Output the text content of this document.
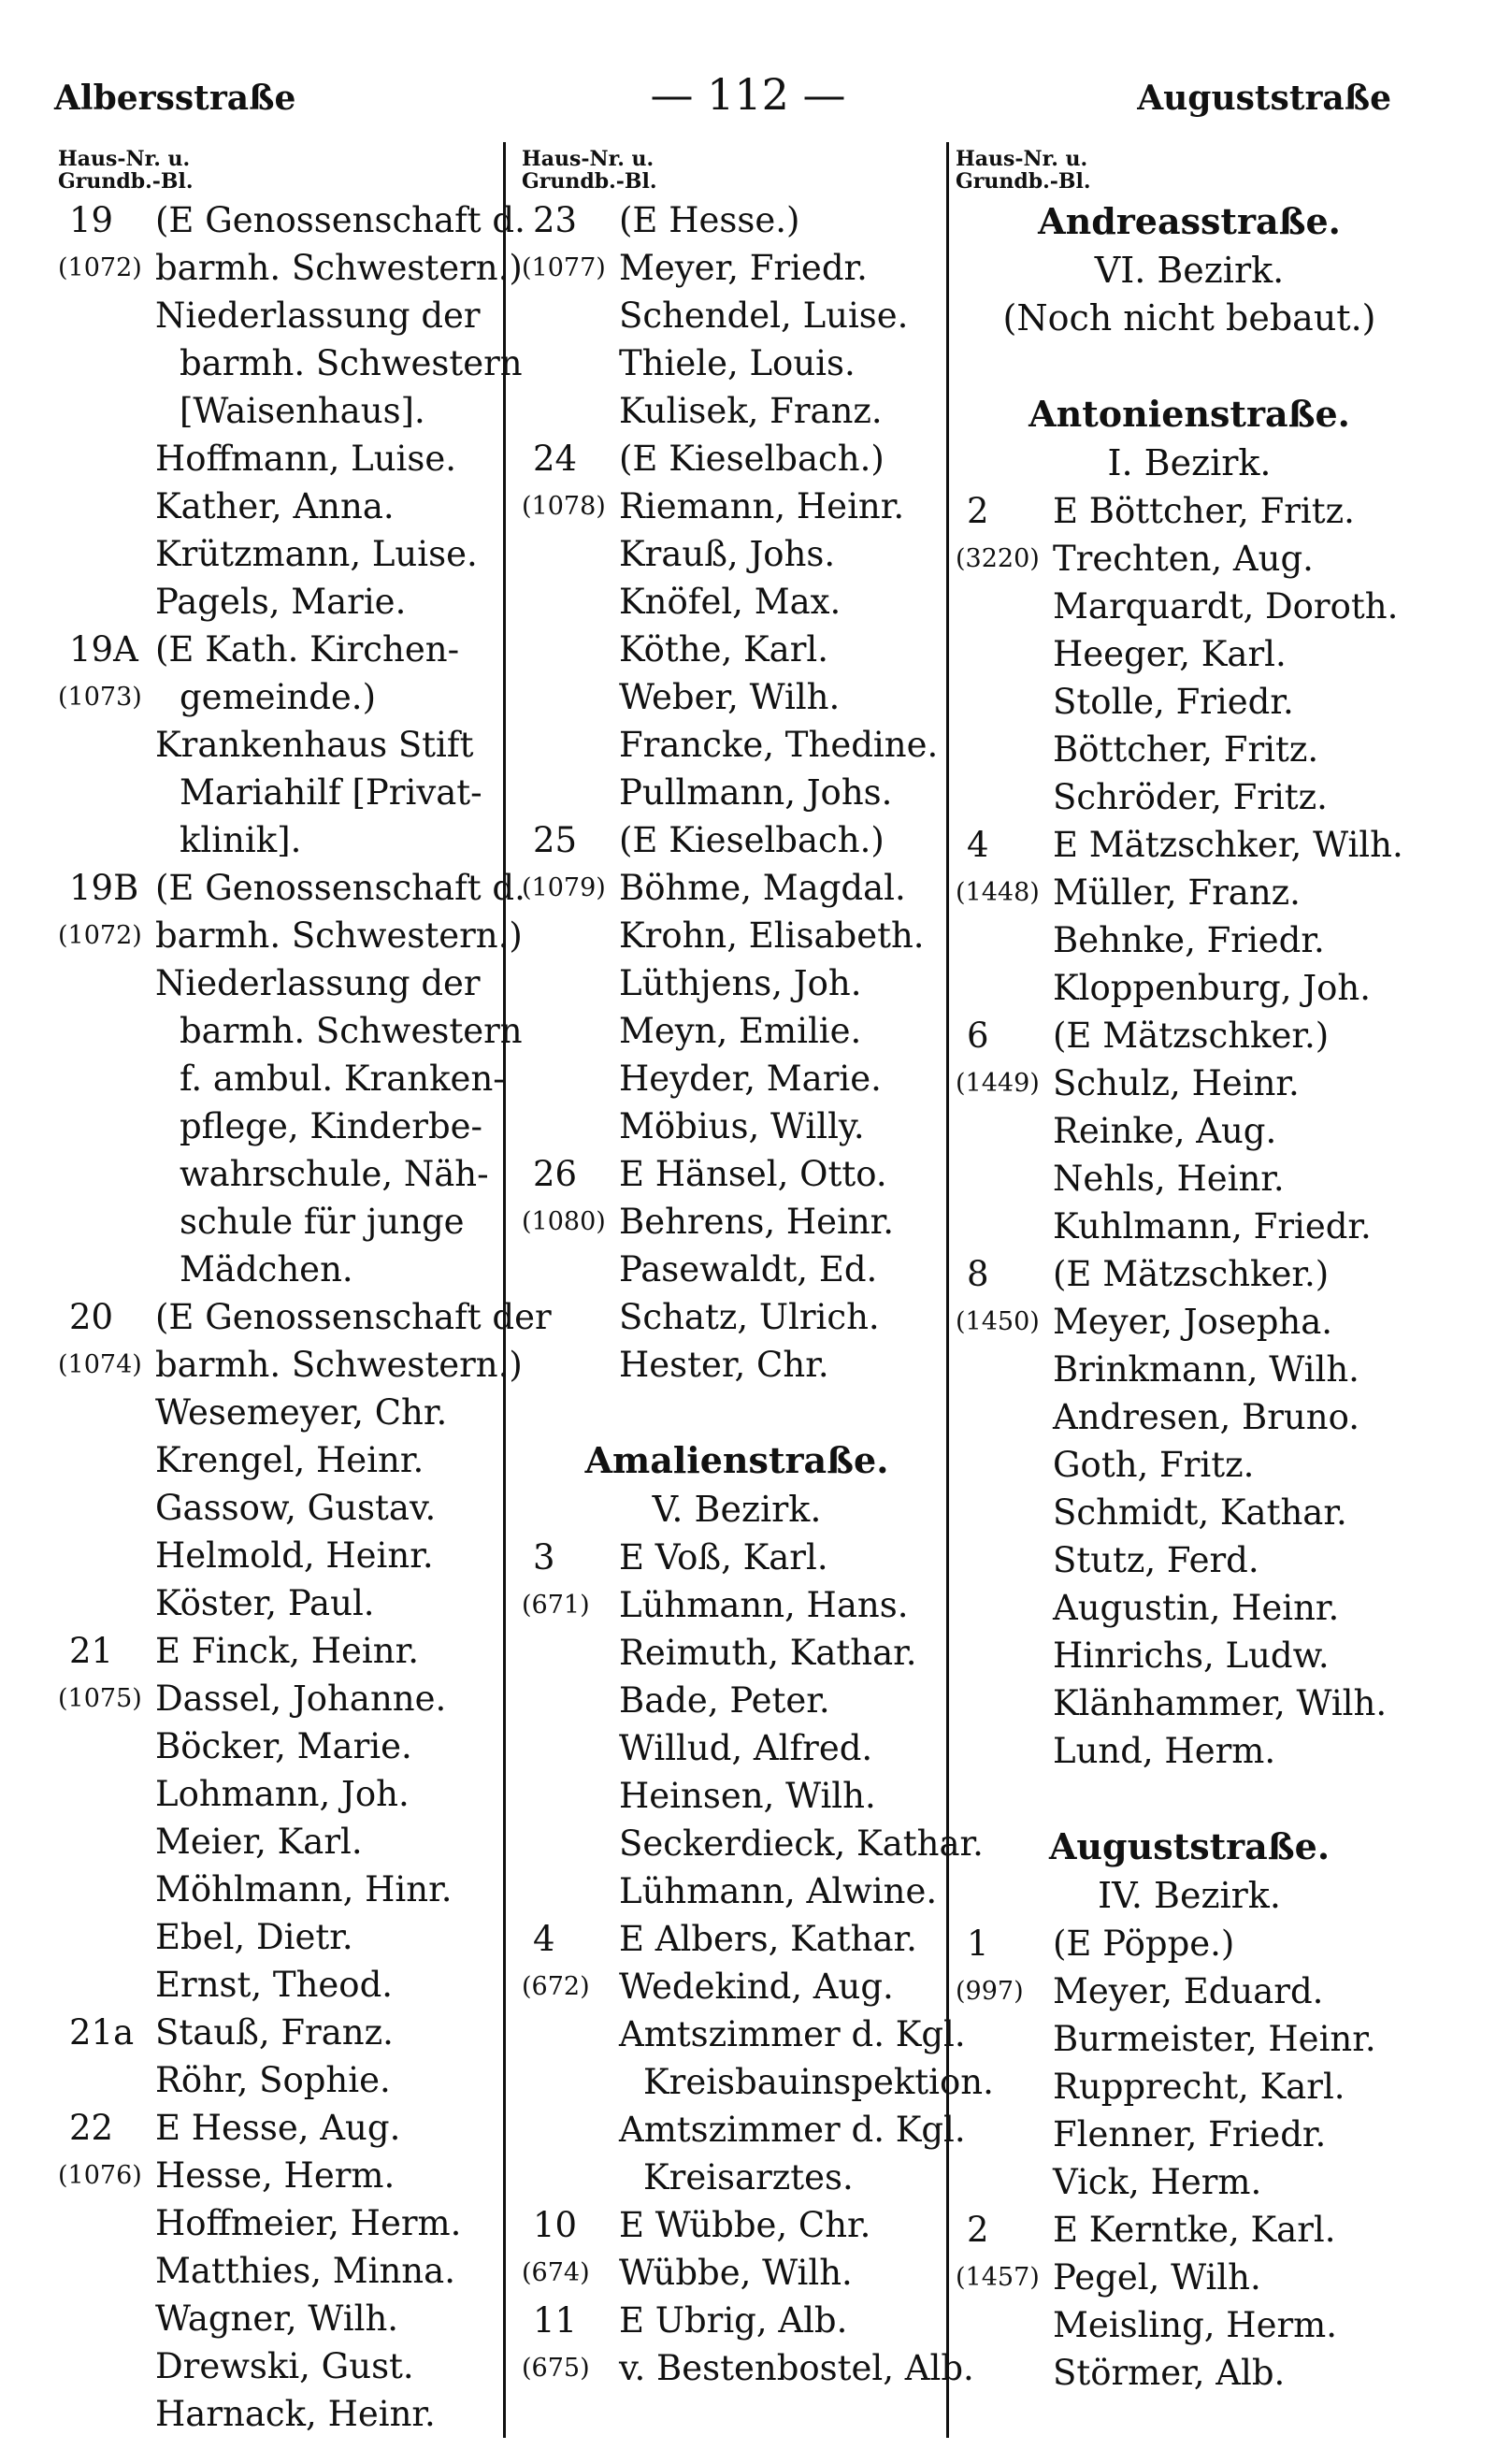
Albersstraße	— 112 —	Auguststraße
Haus-Nr. u.
Grundb.-Bl.
19 (E Genossenschaft d.
(1072) barmh. Schwestern.)
Niederlassung der
barmh. Schwestern
[Waisenhaus].
Hoffmann, Luise.
Kather, Anna.
Krützmann, Luise.
Pagels, Marie.
19A (E Kath. Kirchen-
(1073) gemeinde.)
Krankenhaus Stift
Mariahilf [Privat-
klinik].
19B (E Genossenschaft d.
(1072) barmh. Schwestern.)
Niederlassung der
barmh. Schwestern
f. ambul. Kranken-
pflege, Kinderbe-
wahrschule, Näh-
schule für junge
Mädchen.
20 (E Genossenschaft der
(1074) barmh. Schwestern.)
Wesemeyer, Chr.
Krengel, Heinr.
Gassow, Gustav.
Helmold, Heinr.
Köster, Paul.
21 E Finck, Heinr.
(1075) Dassel, Johanne.
Böcker, Marie.
Lohmann, Joh.
Meier, Karl.
Möhlmann, Hinr.
Ebel, Dietr.
Ernst, Theod.
21a Stauß, Franz.
Röhr, Sophie.
22 E Hesse, Aug.
(1076) Hesse, Herm.
Hoffmeier, Herm.
Matthies, Minna.
Wagner, Wilh.
Drewski, Gust.
Harnack, Heinr.
Haus-Nr. u.
Grundb.-Bl.
23 (E Hesse.)
(1077) Meyer, Friedr.
Schendel, Luise.
Thiele, Louis.
Kulisek, Franz.
24 (E Kieselbach.)
(1078) Riemann, Heinr.
Krauß, Johs.
Knöfel, Max.
Köthe, Karl.
Weber, Wilh.
Francke, Thedine.
Pullmann, Johs.
25 (E Kieselbach.)
(1079) Böhme, Magdal.
Krohn, Elisabeth.
Lüthjens, Joh.
Meyn, Emilie.
Heyder, Marie.
Möbius, Willy.
26 E Hänsel, Otto.
(1080) Behrens, Heinr.
Pasewaldt, Ed.
Schatz, Ulrich.
Hester, Chr.
Amalienstraße.
V. Bezirk.
3 E Voß, Karl.
(671) Lühmann, Hans.
Reimuth, Kathar.
Bade, Peter.
Willud, Alfred.
Heinsen, Wilh.
Seckerdieck, Kathar.
Lühmann, Alwine.
4 E Albers, Kathar.
(672) Wedekind, Aug.
Amtszimmer d. Kgl.
Kreisbauinspektion.
Amtszimmer d. Kgl.
Kreisarztes.
10 E Wübbe, Chr.
(674) Wübbe, Wilh.
11 E Ubrig, Alb.
(675) v. Bestenbostel, Alb.
Haus-Nr. u.
Grundb.-Bl.
Andreasstraße.
VI. Bezirk.
(Noch nicht bebaut.)
Antonienstraße.
I. Bezirk.
2 E Böttcher, Fritz.
(3220) Trechten, Aug.
Marquardt, Doroth.
Heeger, Karl.
Stolle, Friedr.
Böttcher, Fritz.
Schröder, Fritz.
4 E Mätzschker, Wilh.
(1448) Müller, Franz.
Behnke, Friedr.
Kloppenburg, Joh.
6 (E Mätzschker.)
(1449) Schulz, Heinr.
Reinke, Aug.
Nehls, Heinr.
Kuhlmann, Friedr.
8 (E Mätzschker.)
(1450) Meyer, Josepha.
Brinkmann, Wilh.
Andresen, Bruno.
Goth, Fritz.
Schmidt, Kathar.
Stutz, Ferd.
Augustin, Heinr.
Hinrichs, Ludw.
Klänhammer, Wilh.
Lund, Herm.
Auguststraße.
IV. Bezirk.
1 (E Pöppe.)
(997) Meyer, Eduard.
Burmeister, Heinr.
Rupprecht, Karl.
Flenner, Friedr.
Vick, Herm.
2 E Kerntke, Karl.
(1457) Pegel, Wilh.
Meisling, Herm.
Störmer, Alb.
